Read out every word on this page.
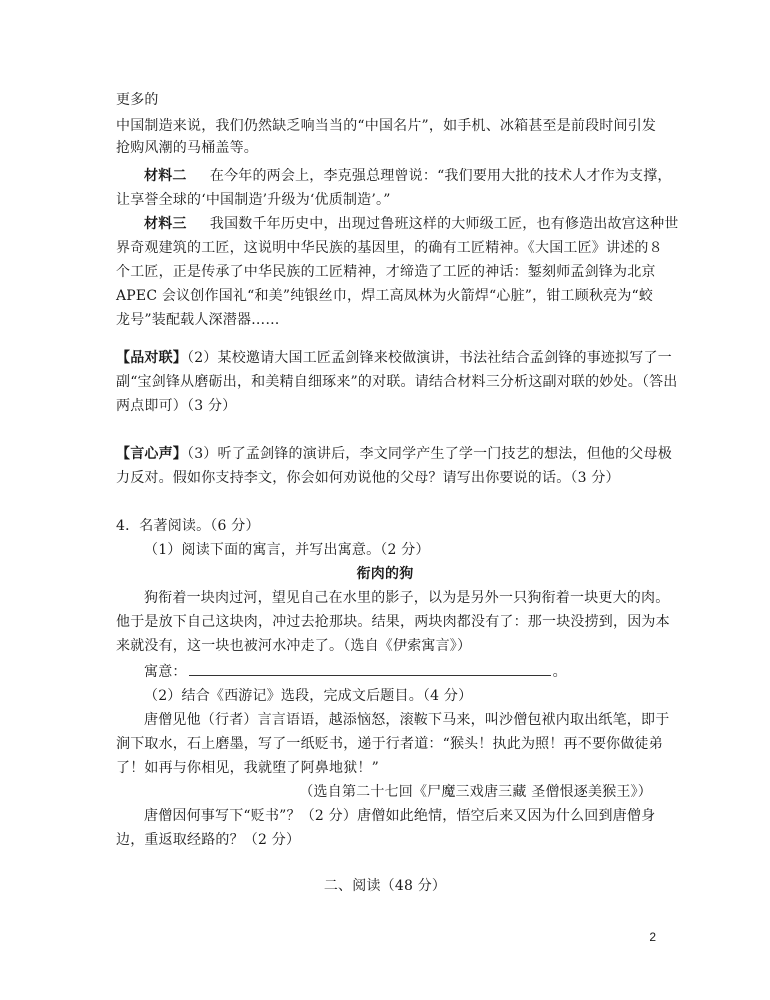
更多的
中国制造来说，我们仍然缺乏响当当的“中国名片”，如手机、冰箱甚至是前段时间引发
抢购风潮的马桶盖等。
材料二 在今年的两会上，李克强总理曾说：“我们要用大批的技术人才作为支撑，
让享誉全球的‘中国制造’升级为‘优质制造’。”
材料三 我国数千年历史中，出现过鲁班这样的大师级工匠，也有修造出故宫这种世
界奇观建筑的工匠，这说明中华民族的基因里，的确有工匠精神。《大国工匠》讲述的８
个工匠，正是传承了中华民族的工匠精神，才缔造了工匠的神话：錾刻师孟剑锋为北京
APEC 会议创作国礼“和美”纯银丝巾，焊工高凤林为火箭焊“心脏”，钳工顾秋亮为“蛟
龙号”装配载人深潜器……
【品对联】（2）某校邀请大国工匠孟剑锋来校做演讲，书法社结合孟剑锋的事迹拟写了一
副“宝剑锋从磨砺出，和美精自细琢来”的对联。请结合材料三分析这副对联的妙处。（答出
两点即可）（3 分）
【言心声】（3）听了孟剑锋的演讲后，李文同学产生了学一门技艺的想法，但他的父母极
力反对。假如你支持李文，你会如何劝说他的父母？请写出你要说的话。（3 分）
4．名著阅读。（6 分）
（1）阅读下面的寓言，并写出寓意。（2 分）
衔肉的狗
狗衔着一块肉过河，望见自己在水里的影子，以为是另外一只狗衔着一块更大的肉。
他于是放下自己这块肉，冲过去抢那块。结果，两块肉都没有了：那一块没捞到，因为本
来就没有，这一块也被河水冲走了。（选自《伊索寓言》）
寓意：	。
（2）结合《西游记》选段，完成文后题目。（4 分）
唐僧见他（行者）言言语语，越添恼怒，滚鞍下马来，叫沙僧包袱内取出纸笔，即于
涧下取水，石上磨墨，写了一纸贬书，递于行者道：“猴头！执此为照！再不要你做徒弟
了！如再与你相见，我就堕了阿鼻地狱！”
（选自第二十七回《尸魔三戏唐三藏 圣僧恨逐美猴王》）
唐僧因何事写下“贬书”？（2 分）唐僧如此绝情，悟空后来又因为什么回到唐僧身
边，重返取经路的？（2 分）
二、阅读（48 分）
2
